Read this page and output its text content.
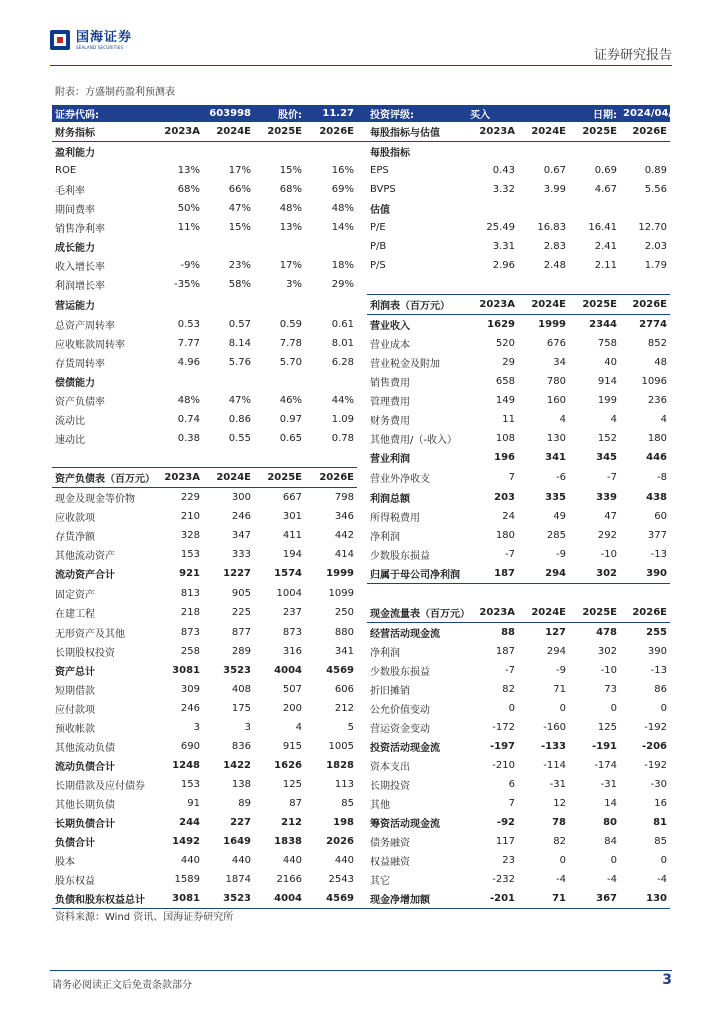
国海证券
SEALAND SECURITIES
证券研究报告
附表：方盛制药盈利预测表
证券代码:	603998		股价:	11.27		投资评级:	买入		日期:	2024/04/22
财务指标	2023A	2024E	2025E	2026E		每股指标与估值	2023A	2024E	2025E	2026E
盈利能力						每股指标				
ROE	13%	17%	15%	16%		EPS	0.43	0.67	0.69	0.89
毛利率	68%	66%	68%	69%		BVPS	3.32	3.99	4.67	5.56
期间费率	50%	47%	48%	48%		估值				
销售净利率	11%	15%	13%	14%		P/E	25.49	16.83	16.41	12.70
成长能力						P/B	3.31	2.83	2.41	2.03
收入增长率	-9%	23%	17%	18%		P/S	2.96	2.48	2.11	1.79
利润增长率	-35%	58%	3%	29%						
营运能力						利润表（百万元）	2023A	2024E	2025E	2026E
总资产周转率	0.53	0.57	0.59	0.61		营业收入	1629	1999	2344	2774
应收账款周转率	7.77	8.14	7.78	8.01		营业成本	520	676	758	852
存货周转率	4.96	5.76	5.70	6.28		营业税金及附加	29	34	40	48
偿债能力						销售费用	658	780	914	1096
资产负债率	48%	47%	46%	44%		管理费用	149	160	199	236
流动比	0.74	0.86	0.97	1.09		财务费用	11	4	4	4
速动比	0.38	0.55	0.65	0.78		其他费用/（-收入）	108	130	152	180
						营业利润	196	341	345	446
资产负债表（百万元）	2023A	2024E	2025E	2026E		营业外净收支	7	-6	-7	-8
现金及现金等价物	229	300	667	798		利润总额	203	335	339	438
应收款项	210	246	301	346		所得税费用	24	49	47	60
存货净额	328	347	411	442		净利润	180	285	292	377
其他流动资产	153	333	194	414		少数股东损益	-7	-9	-10	-13
流动资产合计	921	1227	1574	1999		归属于母公司净利润	187	294	302	390
固定资产	813	905	1004	1099						
在建工程	218	225	237	250		现金流量表（百万元）	2023A	2024E	2025E	2026E
无形资产及其他	873	877	873	880		经营活动现金流	88	127	478	255
长期股权投资	258	289	316	341		净利润	187	294	302	390
资产总计	3081	3523	4004	4569		少数股东损益	-7	-9	-10	-13
短期借款	309	408	507	606		折旧摊销	82	71	73	86
应付款项	246	175	200	212		公允价值变动	0	0	0	0
预收帐款	3	3	4	5		营运资金变动	-172	-160	125	-192
其他流动负债	690	836	915	1005		投资活动现金流	-197	-133	-191	-206
流动负债合计	1248	1422	1626	1828		资本支出	-210	-114	-174	-192
长期借款及应付债券	153	138	125	113		长期投资	6	-31	-31	-30
其他长期负债	91	89	87	85		其他	7	12	14	16
长期负债合计	244	227	212	198		筹资活动现金流	-92	78	80	81
负债合计	1492	1649	1838	2026		债务融资	117	82	84	85
股本	440	440	440	440		权益融资	23	0	0	0
股东权益	1589	1874	2166	2543		其它	-232	-4	-4	-4
负债和股东权益总计	3081	3523	4004	4569		现金净增加额	-201	71	367	130
资料来源：Wind 资讯、国海证券研究所
请务必阅读正文后免责条款部分	3
